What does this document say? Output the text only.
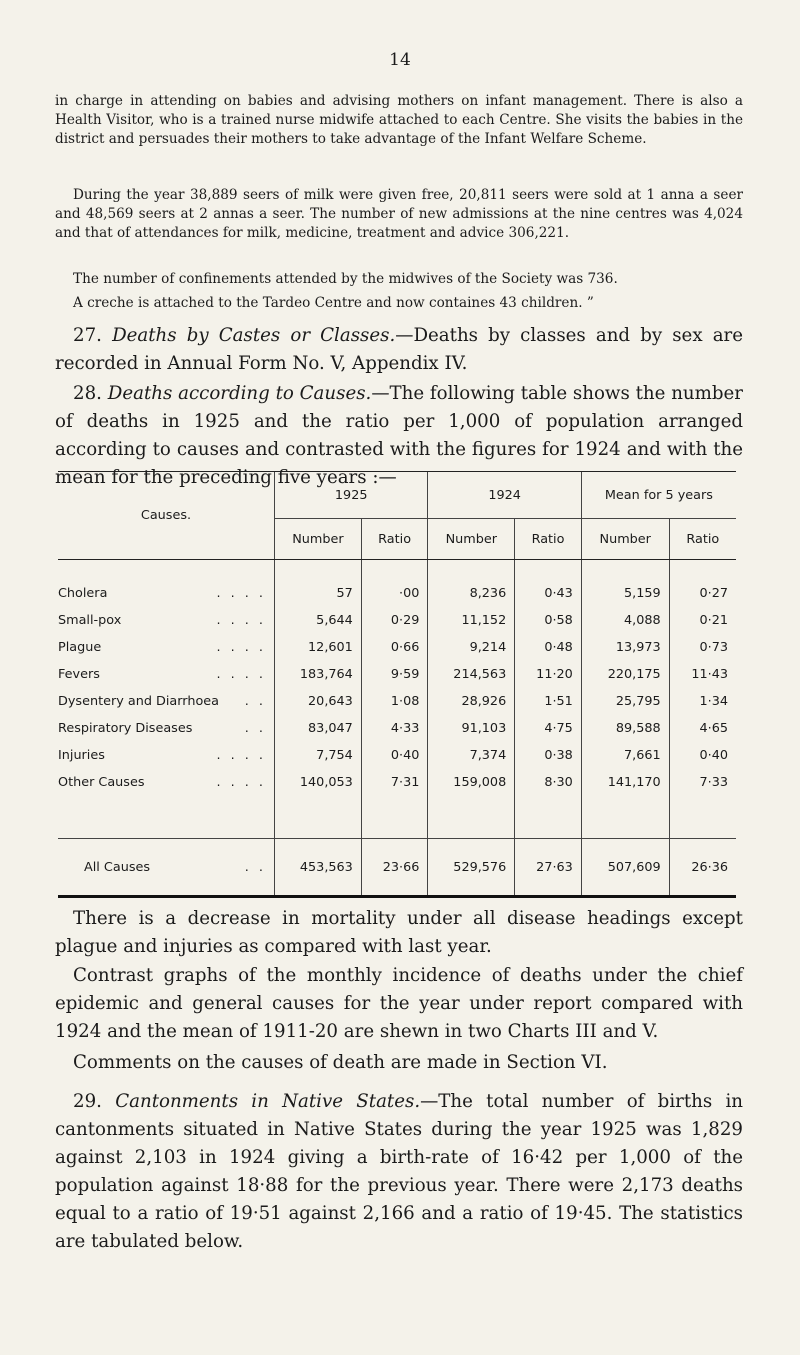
14

in charge in attending on babies and advising mothers on infant management. There is also a Health Visitor, who is a trained nurse midwife attached to each Centre. She visits the babies in the district and persuades their mothers to take advantage of the Infant Welfare Scheme.

During the year 38,889 seers of milk were given free, 20,811 seers were sold at 1 anna a seer and 48,569 seers at 2 annas a seer. The number of new admissions at the nine centres was 4,024 and that of attendances for milk, medicine, treatment and advice 306,221.

The number of confinements attended by the midwives of the Society was 736.

A creche is attached to the Tardeo Centre and now containes 43 children. ”

27. Deaths by Castes or Classes.—Deaths by classes and by sex are recorded in Annual Form No. V, Appendix IV.

28. Deaths according to Causes.—The following table shows the number of deaths in 1925 and the ratio per 1,000 of population arranged according to causes and contrasted with the figures for 1924 and with the mean for the preceding five years :—

Causes.	1925		1924		Mean for 5 years	
	Number	Ratio	Number	Ratio	Number	Ratio

Cholera . . . .	57	·00	8,236	0·43	5,159	0·27

Small-pox . . . .	5,644	0·29	11,152	0·58	4,088	0·21

Plague . . . .	12,601	0·66	9,214	0·48	13,973	0·73

Fevers . . . .	183,764	9·59	214,563	11·20	220,175	11·43

Dysentery and Diarrhoea . .	20,643	1·08	28,926	1·51	25,795	1·34

Respiratory Diseases . .	83,047	4·33	91,103	4·75	89,588	4·65

Injuries . . . .	7,754	0·40	7,374	0·38	7,661	0·40

Other Causes . . . .	140,053	7·31	159,008	8·30	141,170	7·33

All Causes . .	453,563	23·66	529,576	27·63	507,609	26·36

There is a decrease in mortality under all disease headings except plague and injuries as compared with last year.

Contrast graphs of the monthly incidence of deaths under the chief epidemic and general causes for the year under report compared with 1924 and the mean of 1911-20 are shewn in two Charts III and V.

Comments on the causes of death are made in Section VI.

29. Cantonments in Native States.—The total number of births in cantonments situated in Native States during the year 1925 was 1,829 against 2,103 in 1924 giving a birth-rate of 16·42 per 1,000 of the population against 18·88 for the previous year. There were 2,173 deaths equal to a ratio of 19·51 against 2,166 and a ratio of 19·45. The statistics are tabulated below.
